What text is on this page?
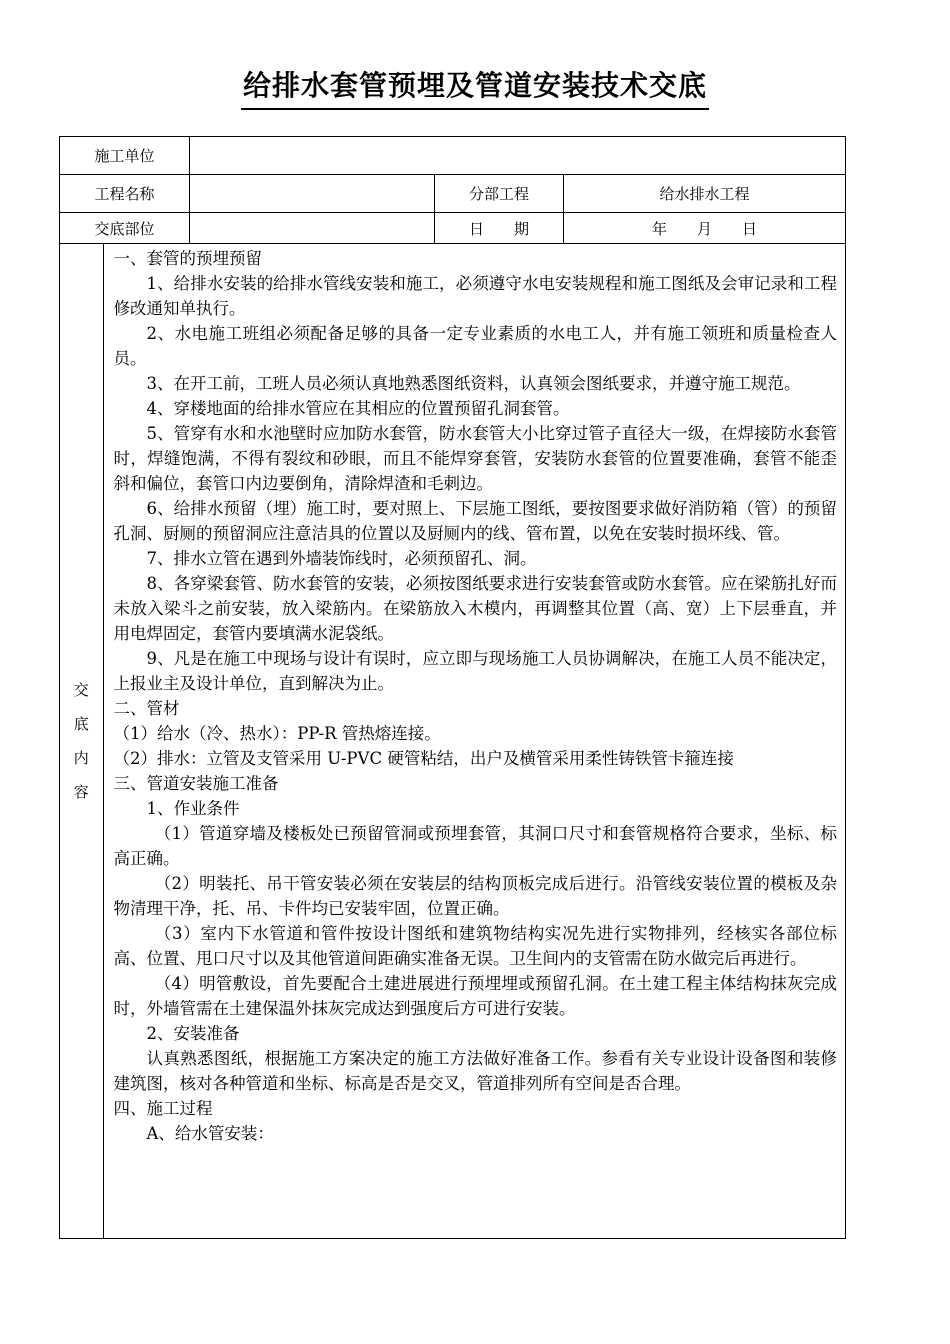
给排水套管预埋及管道安装技术交底
施工单位	
工程名称		分部工程	给水排水工程
交底部位		日　　期	年　　月　　日

交
底
内
容

一、套管的预埋预留

1、给排水安装的给排水管线安装和施工，必须遵守水电安装规程和施工图纸及会审记录和工程修改通知单执行。

2、水电施工班组必须配备足够的具备一定专业素质的水电工人，并有施工领班和质量检查人员。

3、在开工前，工班人员必须认真地熟悉图纸资料，认真领会图纸要求，并遵守施工规范。

4、穿楼地面的给排水管应在其相应的位置预留孔洞套管。

5、管穿有水和水池壁时应加防水套管，防水套管大小比穿过管子直径大一级，在焊接防水套管时，焊缝饱满，不得有裂纹和砂眼，而且不能焊穿套管，安装防水套管的位置要准确，套管不能歪斜和偏位，套管口内边要倒角，清除焊渣和毛刺边。

6、给排水预留（埋）施工时，要对照上、下层施工图纸，要按图要求做好消防箱（管）的预留孔洞、厨厕的预留洞应注意洁具的位置以及厨厕内的线、管布置，以免在安装时损坏线、管。

7、排水立管在遇到外墙装饰线时，必须预留孔、洞。

8、各穿梁套管、防水套管的安装，必须按图纸要求进行安装套管或防水套管。应在梁筋扎好而未放入梁斗之前安装，放入梁筋内。在梁筋放入木模内，再调整其位置（高、宽）上下层垂直，并用电焊固定，套管内要填满水泥袋纸。

9、凡是在施工中现场与设计有误时，应立即与现场施工人员协调解决，在施工人员不能决定，上报业主及设计单位，直到解决为止。

二、管材

（1）给水（冷、热水）：PP-R 管热熔连接。

（2）排水：立管及支管采用 U-PVC 硬管粘结，出户及横管采用柔性铸铁管卡箍连接

三、管道安装施工准备

1、作业条件

（1）管道穿墙及楼板处已预留管洞或预埋套管，其洞口尺寸和套管规格符合要求，坐标、标高正确。

（2）明装托、吊干管安装必须在安装层的结构顶板完成后进行。沿管线安装位置的模板及杂物清理干净，托、吊、卡件均已安装牢固，位置正确。

（3）室内下水管道和管件按设计图纸和建筑物结构实况先进行实物排列，经核实各部位标高、位置、甩口尺寸以及其他管道间距确实准备无误。卫生间内的支管需在防水做完后再进行。

（4）明管敷设，首先要配合土建进展进行预埋埋或预留孔洞。在土建工程主体结构抹灰完成时，外墙管需在土建保温外抹灰完成达到强度后方可进行安装。

2、安装准备

认真熟悉图纸，根据施工方案决定的施工方法做好准备工作。参看有关专业设计设备图和装修建筑图，核对各种管道和坐标、标高是否是交叉，管道排列所有空间是否合理。

四、施工过程

A、给水管安装：
